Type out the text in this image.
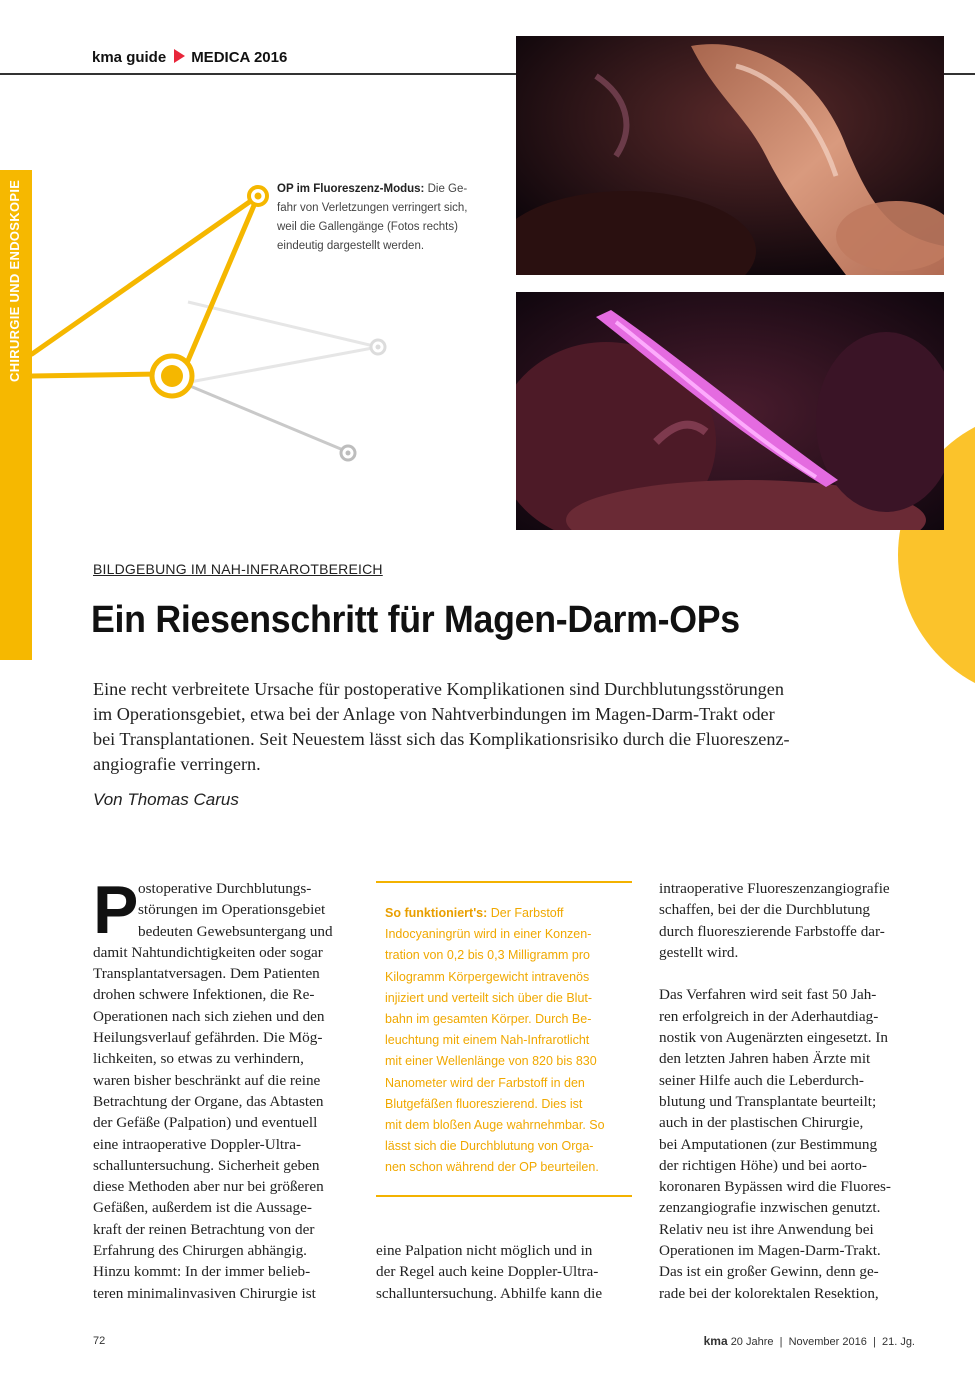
kma guide MEDICA 2016
CHIRURGIE UND ENDOSKOPIE	OP im Fluoreszenz-Modus: Die Ge-
fahr von Verletzungen verringert sich,
weil die Gallengänge (Fotos rechts)
eindeutig dargestellt werden.
BILDGEBUNG IM NAH-INFRAROTBEREICH
Ein Riesenschritt für Magen-Darm-OPs

Eine recht verbreitete Ursache für postoperative Komplikationen sind Durchblutungsstörungen

im Operationsgebiet, etwa bei der Anlage von Nahtverbindungen im Magen-Darm-Trakt oder

bei Transplantationen. Seit Neuestem lässt sich das Komplikationsrisiko durch die Fluoreszenz-

angiografie verringern.

Von Thomas Carus
P ostoperative Durchblutungs-

störungen im Operationsgebiet

bedeuten Gewebsuntergang und

damit Nahtundichtigkeiten oder sogar

Transplantatversagen. Dem Patienten

drohen schwere Infektionen, die Re-

Operationen nach sich ziehen und den

Heilungsverlauf gefährden. Die Mög-

lichkeiten, so etwas zu verhindern,

waren bisher beschränkt auf die reine

Betrachtung der Organe, das Abtasten

der Gefäße (Palpation) und eventuell

eine intraoperative Doppler-Ultra-

schalluntersuchung. Sicherheit geben

diese Methoden aber nur bei größeren

Gefäßen, außerdem ist die Aussage-

kraft der reinen Betrachtung von der

Erfahrung des Chirurgen abhängig.

Hinzu kommt: In der immer belieb-

teren minimalinvasiven Chirurgie ist

So funktioniert's: Der Farbstoff

Indocyaningrün wird in einer Konzen-

tration von 0,2 bis 0,3 Milligramm pro

Kilogramm Körpergewicht intravenös

injiziert und verteilt sich über die Blut-

bahn im gesamten Körper. Durch Be-

leuchtung mit einem Nah-Infrarotlicht

mit einer Wellenlänge von 820 bis 830

Nanometer wird der Farbstoff in den

Blutgefäßen fluoreszierend. Dies ist

mit dem bloßen Auge wahrnehmbar. So

lässt sich die Durchblutung von Orga-

nen schon während der OP beurteilen.

eine Palpation nicht möglich und in

der Regel auch keine Doppler-Ultra-

schalluntersuchung. Abhilfe kann die

intraoperative Fluoreszenzangiografie

schaffen, bei der die Durchblutung

durch fluoreszierende Farbstoffe dar-

gestellt wird.

Das Verfahren wird seit fast 50 Jah-

ren erfolgreich in der Aderhautdiag-

nostik von Augenärzten eingesetzt. In

den letzten Jahren haben Ärzte mit

seiner Hilfe auch die Leberdurch-

blutung und Transplantate beurteilt;

auch in der plastischen Chirurgie,

bei Amputationen (zur Bestimmung

der richtigen Höhe) und bei aorto-

koronaren Bypässen wird die Fluores-

zenzangiografie inzwischen genutzt.

Relativ neu ist ihre Anwendung bei

Operationen im Magen-Darm-Trakt.

Das ist ein großer Gewinn, denn ge-

rade bei der kolorektalen Resektion,

72	kma 20 Jahre  |  November 2016  |  21. Jg.
